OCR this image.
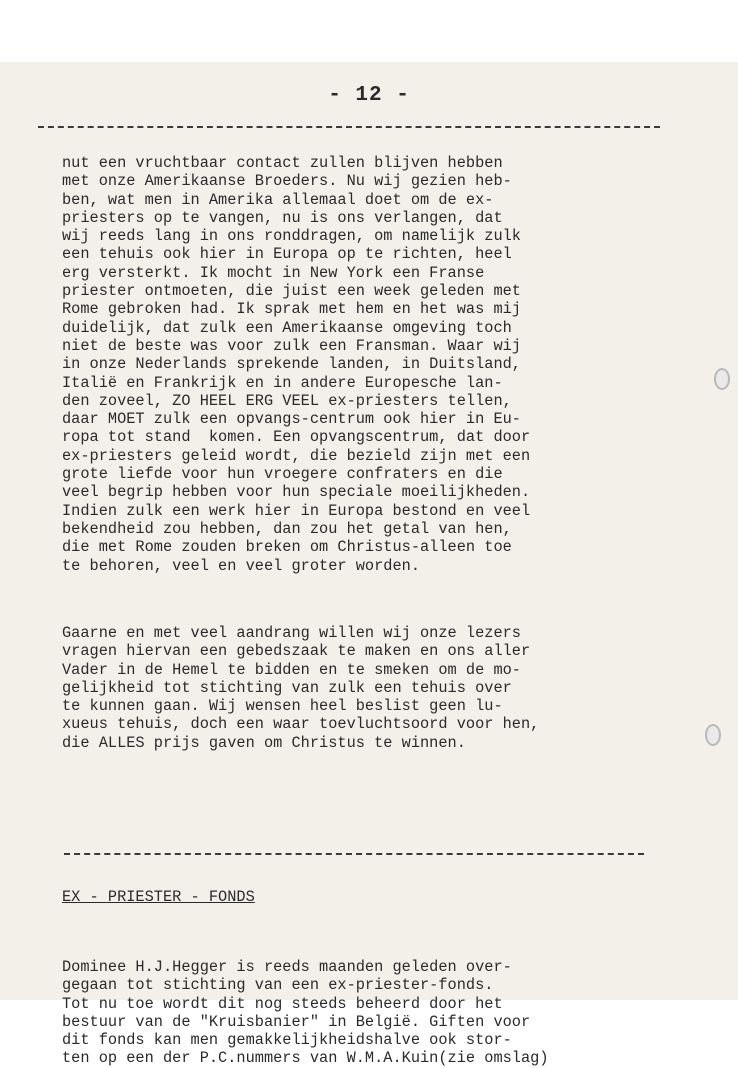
- 12 -
nut een vruchtbaar contact zullen blijven hebben
met onze Amerikaanse Broeders. Nu wij gezien heb-
ben, wat men in Amerika allemaal doet om de ex-
priesters op te vangen, nu is ons verlangen, dat
wij reeds lang in ons ronddragen, om namelijk zulk
een tehuis ook hier in Europa op te richten, heel
erg versterkt. Ik mocht in New York een Franse
priester ontmoeten, die juist een week geleden met
Rome gebroken had. Ik sprak met hem en het was mij
duidelijk, dat zulk een Amerikaanse omgeving toch
niet de beste was voor zulk een Fransman. Waar wij
in onze Nederlands sprekende landen, in Duitsland,
Italië en Frankrijk en in andere Europesche lan-
den zoveel, ZO HEEL ERG VEEL ex-priesters tellen,
daar MOET zulk een opvangs-centrum ook hier in Eu-
ropa tot stand  komen. Een opvangscentrum, dat door
ex-priesters geleid wordt, die bezield zijn met een
grote liefde voor hun vroegere confraters en die
veel begrip hebben voor hun speciale moeilijkheden.
Indien zulk een werk hier in Europa bestond en veel
bekendheid zou hebben, dan zou het getal van hen,
die met Rome zouden breken om Christus-alleen toe
te behoren, veel en veel groter worden.
Gaarne en met veel aandrang willen wij onze lezers
vragen hiervan een gebedszaak te maken en ons aller
Vader in de Hemel te bidden en te smeken om de mo-
gelijkheid tot stichting van zulk een tehuis over
te kunnen gaan. Wij wensen heel beslist geen lu-
xueus tehuis, doch een waar toevluchtsoord voor hen,
die ALLES prijs gaven om Christus te winnen.
EX - PRIESTER - FONDS
Dominee H.J.Hegger is reeds maanden geleden over-
gegaan tot stichting van een ex-priester-fonds.
Tot nu toe wordt dit nog steeds beheerd door het
bestuur van de "Kruisbanier" in België. Giften voor
dit fonds kan men gemakkelijkheidshalve ook stor-
ten op een der P.C.nummers van W.M.A.Kuin(zie omslag)
